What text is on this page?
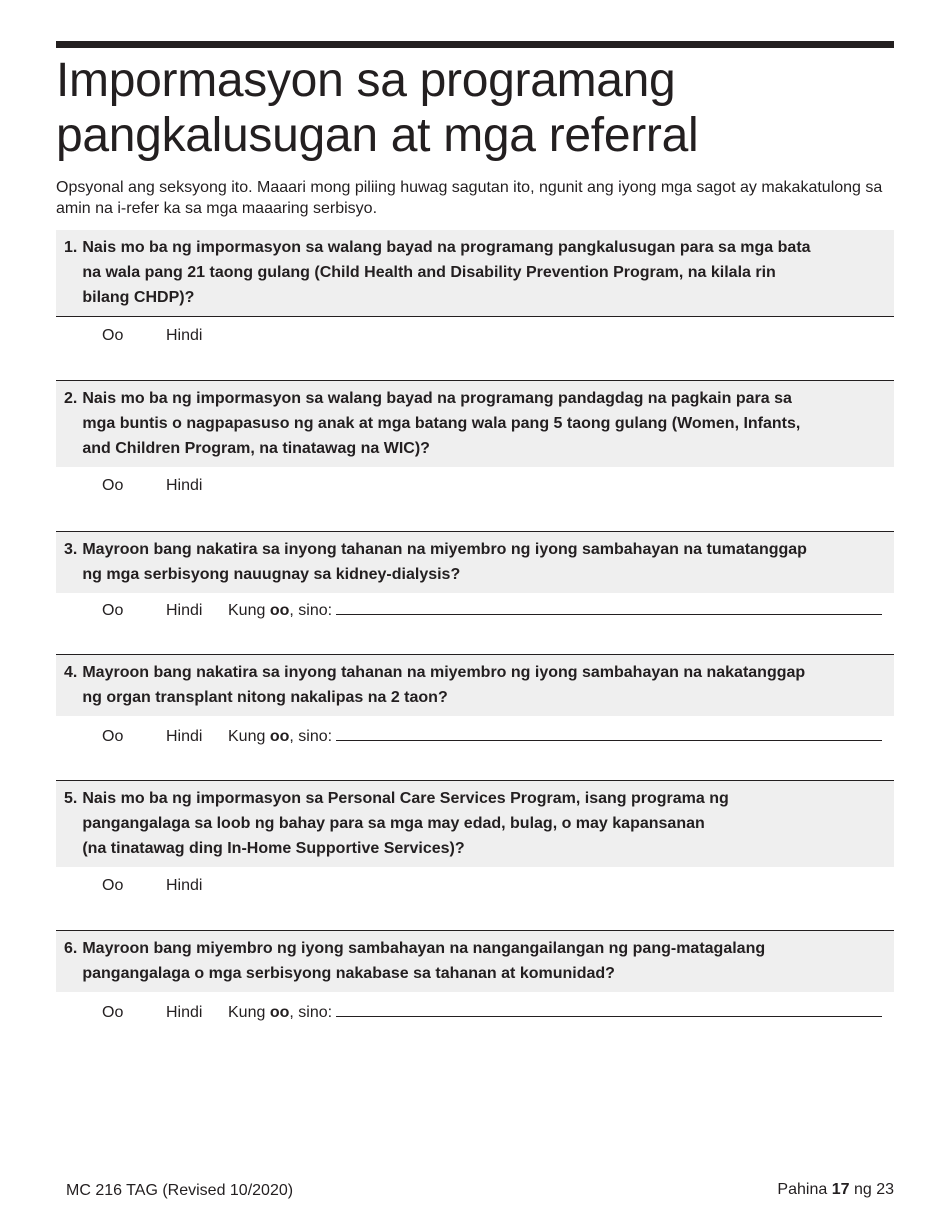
Impormasyon sa programang
pangkalusugan at mga referral

Opsyonal ang seksyong ito. Maaari mong piliing huwag sagutan ito, ngunit ang iyong mga sagot ay makakatulong sa amin na i-refer ka sa mga maaaring serbisyo.

1. Nais mo ba ng impormasyon sa walang bayad na programang pangkalusugan para sa mga bata
na wala pang 21 taong gulang (Child Health and Disability Prevention Program, na kilala rin
bilang CHDP)?
Oo	Hindi
2. Nais mo ba ng impormasyon sa walang bayad na programang pandagdag na pagkain para sa
mga buntis o nagpapasuso ng anak at mga batang wala pang 5 taong gulang (Women, Infants,
and Children Program, na tinatawag na WIC)?
Oo	Hindi
3. Mayroon bang nakatira sa inyong tahanan na miyembro ng iyong sambahayan na tumatanggap
ng mga serbisyong nauugnay sa kidney-dialysis?
Oo	Hindi	Kung oo, sino:
4. Mayroon bang nakatira sa inyong tahanan na miyembro ng iyong sambahayan na nakatanggap
ng organ transplant nitong nakalipas na 2 taon?
Oo	Hindi	Kung oo, sino:
5. Nais mo ba ng impormasyon sa Personal Care Services Program, isang programa ng
pangangalaga sa loob ng bahay para sa mga may edad, bulag, o may kapansanan
(na tinatawag ding In-Home Supportive Services)?
Oo	Hindi
6. Mayroon bang miyembro ng iyong sambahayan na nangangailangan ng pang-matagalang
pangangalaga o mga serbisyong nakabase sa tahanan at komunidad?
Oo	Hindi	Kung oo, sino:
MC 216 TAG (Revised 10/2020)	Pahina 17 ng 23
